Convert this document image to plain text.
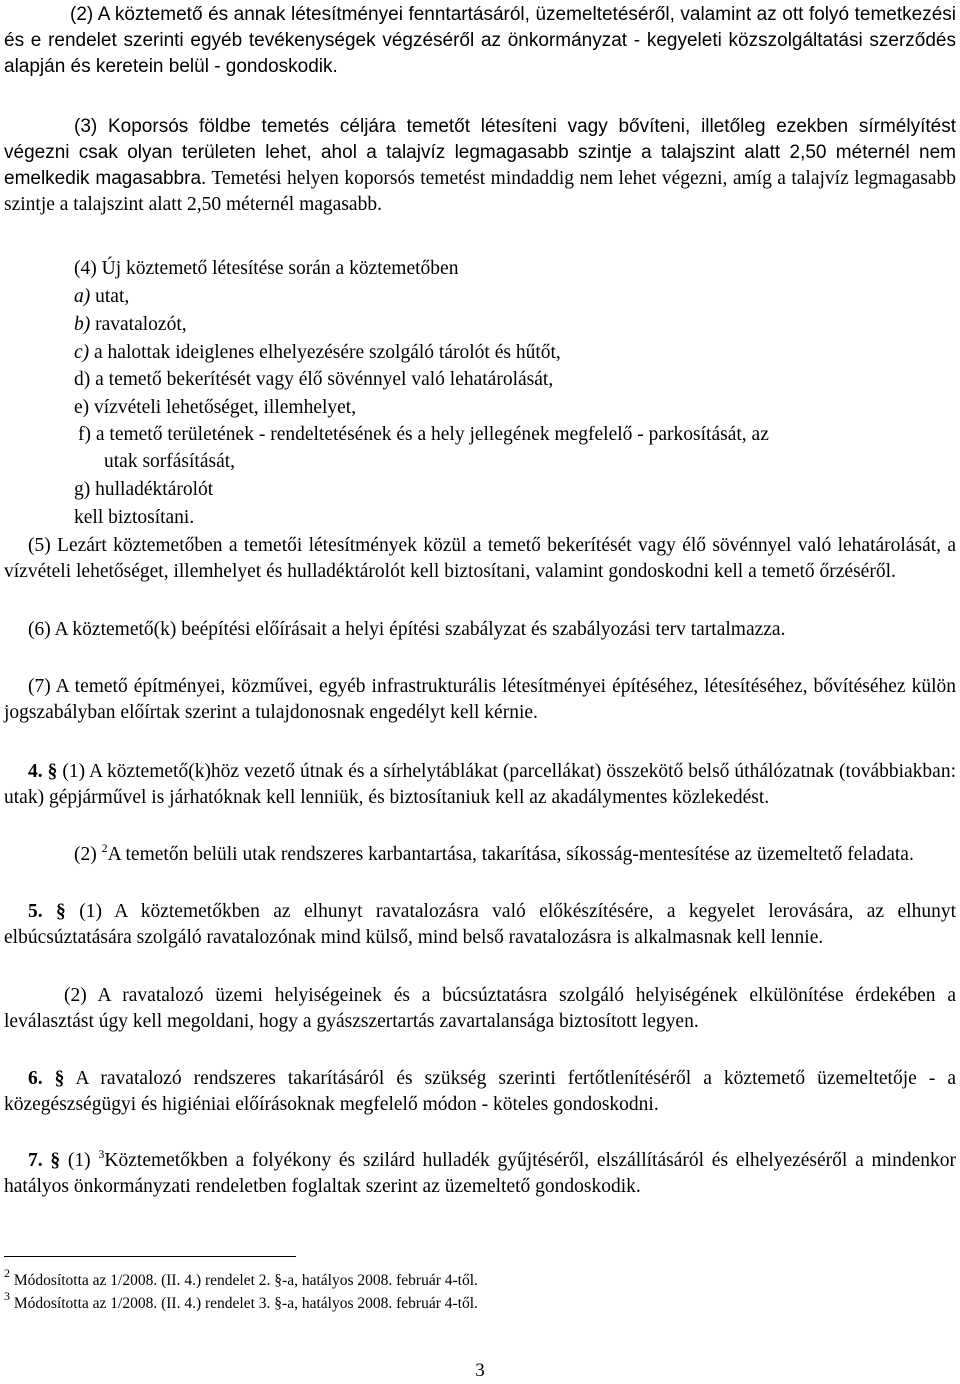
(2) A köztemető és annak létesítményei fenntartásáról, üzemeltetéséről, valamint az ott folyó temetkezési és e rendelet szerinti egyéb tevékenységek végzéséről az önkormányzat - kegyeleti közszolgáltatási szerződés alapján és keretein belül - gondoskodik.
(3) Koporsós földbe temetés céljára temetőt létesíteni vagy bővíteni, illetőleg ezekben sírmélyítést végezni csak olyan területen lehet, ahol a talajvíz legmagasabb szintje a talajszint alatt 2,50 méternél nem emelkedik magasabbra. Temetési helyen koporsós temetést mindaddig nem lehet végezni, amíg a talajvíz legmagasabb szintje a talajszint alatt 2,50 méternél magasabb.
(4) Új köztemető létesítése során a köztemetőben
a) utat,
b) ravatalozót,
c) a halottak ideiglenes elhelyezésére szolgáló tárolót és hűtőt,
d) a temető bekerítését vagy élő sövénnyel való lehatárolását,
e) vízvételi lehetőséget, illemhelyet,
f) a temető területének - rendeltetésének és a hely jellegének megfelelő - parkosítását, az
utak sorfásítását,
g) hulladéktárolót
kell biztosítani.
(5) Lezárt köztemetőben a temetői létesítmények közül a temető bekerítését vagy élő sövénnyel való lehatárolását, a vízvételi lehetőséget, illemhelyet és hulladéktárolót kell biztosítani, valamint gondoskodni kell a temető őrzéséről.
(6) A köztemető(k) beépítési előírásait a helyi építési szabályzat és szabályozási terv tartalmazza.
(7) A temető építményei, közművei, egyéb infrastrukturális létesítményei építéséhez, létesítéséhez, bővítéséhez külön jogszabályban előírtak szerint a tulajdonosnak engedélyt kell kérnie.
4. § (1) A köztemető(k)höz vezető útnak és a sírhelytáblákat (parcellákat) összekötő belső úthálózatnak (továbbiakban: utak) gépjárművel is járhatóknak kell lenniük, és biztosítaniuk kell az akadálymentes közlekedést.
(2) $^2$A temetőn belüli utak rendszeres karbantartása, takarítása, síkosság-mentesítése az üzemeltető feladata.
5. § (1) A köztemetőkben az elhunyt ravatalozásra való előkészítésére, a kegyelet lerovására, az elhunyt elbúcsúztatására szolgáló ravatalozónak mind külső, mind belső ravatalozásra is alkalmasnak kell lennie.
(2) A ravatalozó üzemi helyiségeinek és a búcsúztatásra szolgáló helyiségének elkülönítése érdekében a leválasztást úgy kell megoldani, hogy a gyászszertartás zavartalansága biztosított legyen.
6. § A ravatalozó rendszeres takarításáról és szükség szerinti fertőtlenítéséről a köztemető üzemeltetője - a közegészségügyi és higiéniai előírásoknak megfelelő módon - köteles gondoskodni.
7. § (1) $^3$Köztemetőkben a folyékony és szilárd hulladék gyűjtéséről, elszállításáról és elhelyezéséről a mindenkor hatályos önkormányzati rendeletben foglaltak szerint az üzemeltető gondoskodik.
$^2$ Módosította az 1/2008. (II. 4.) rendelet 2. §-a, hatályos 2008. február 4-től.
$^3$ Módosította az 1/2008. (II. 4.) rendelet 3. §-a, hatályos 2008. február 4-től.
3
